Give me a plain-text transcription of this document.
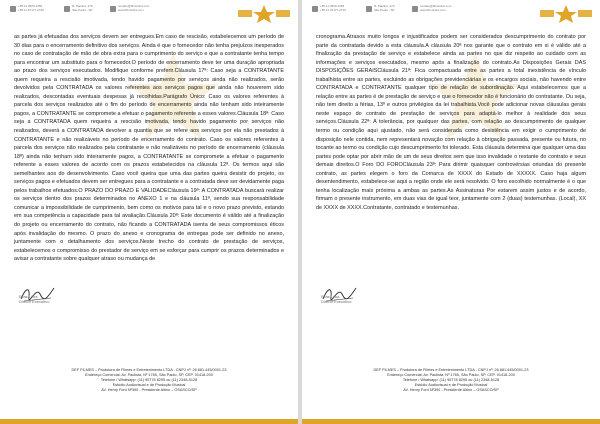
+55 11 3500-1256
+55 11 97177-2726
R. Paulina, 176
São Paulo - SP
contato@filmsintra.com
www.filmsintra.com
as partes já efetuadas dos serviços devem ser entregues.Em caso de rescisão, estabelecemos um período de 30 dias para o encerramento definitivo dos serviços. Ainda é que o fornecedor não tenha prejuízos inesperados no caso de contratação de mão de obra extra para o cumprimento do serviço e que a contratante tenha tempo para encontrar um substituto para o fornecedor.O período de encerramento deve ter uma duração apropriada ao prazo dos serviços executados. Modifique conforme preferir.Cláusula 17ª: Caso seja a CONTRATANTE quem requeira a rescisão imotivada, tendo havido pagamento por serviços ainda não realizados, serão devolvidos pela CONTRATADA os valores referentes aos serviços pagos que ainda não houverem sido realizados, descontadas eventuais despesas já recolhidas.Parágrafo Único: Caso os valores referentes à parcela dos serviços realizados até o fim do período de encerramento ainda não tenham sido inteiramente pagos, a CONTRATANTE se compromete a efetuar o pagamento referente a esses valores.Cláusula 18ª: Caso seja a CONTRATADA quem requeira a rescisão imotivada, tendo havido pagamento por serviços não realizados, deverá a CONTRATADA devolver a quantia que se refere aos serviços por ela não prestados à CONTRATANTE e não realizáveis no período de encerramento do contrato. Caso os valores referentes à parcela dos serviços não realizados pela contratante e não realizáveis no período de encerramento (cláusula 18ª) ainda não tenham sido inteiramente pagos, a CONTRATANTE se compromete a efetuar o pagamento referente a esses valores de acordo com os prazos estabelecidos na cláusula 12ª. Os termos aqui são semelhantes aos do desenvolvimento. Caso você queira que uma das partes queira desistir do projeto, os serviços pagos e efetuados devem ser entregues para a contratante e a contratada deve ser devidamente paga pelos trabalhos efetuados.O PRAZO DO PRAZO E VALIDADECláusula 19ª: A CONTRATADA buscará realizar os serviços dentro dos prazos determinados no ANEXO 1 e na cláusula 11ª, sendo sua responsabilidade comunicar a impossibilidade de cumprimento, bem como os motivos para tal e o novo prazo previsto, estando em sua competência a capacidade para tal avaliação.Cláusula 20ª: Este documento é válido até a finalização do projeto ou encerramento do contrato, não ficando a CONTRATADA isenta de seus compromissos éticos após invalidação do mesmo. O prazo do anexo e cronograma de entregas pode ser definido no anexo, juntamente com o detalhamento dos serviços.Neste trecho do contrato de prestação de serviços, estabelecemos o compromisso do prestador de serviço em se esforçar para cumprir os prazos determinados e avisar a contratante sobre qualquer atraso ou mudança de
Elias Lima
Diretor Executivo
DEF FILMES – Produtora de Filmes e Entretenimento LTDA - CNPJ nº: 26.681.445/0001-23
Endereço Comercial: Av. Paulista, Nº 1765, São Paulo, SP, CEP. 01418-200
Telefone / Whatsapp: (11) 95778 8295 ou (11) 2348-5128
Estúdio Audiovisual e de Produção Musical
AV. Henry Ford Nº390 - Presidente Altino – OSASCO/SP
+55 11 3500-1256
+55 11 97177-2726
R. Paulina, 176
São Paulo - SP
contato@filmsintra.com
www.filmsintra.com
cronograma.Atrasos muito longos e injustificados podem ser considerados descumprimento do contrato por parte da contratada devido a esta cláusula.A cláusula 20ª nos garante que o contrato em si é válido até a finalização da prestação de serviço e estabelece ainda as partes no que diz respeito ao cuidado com as informações e serviços executados, mesmo após a finalização do contrato.As Disposições Gerais DAS DISPOSIÇÕES GERAISCláusula 21ª: Fica compactuada entre as partes a total inexistência de vínculo trabalhista entre as partes, excluindo as obrigações previdenciárias e os encargos sociais, não havendo entre CONTRATADA e CONTRATANTE qualquer tipo de relação de subordinação. Aqui estabelecemos que a relação entre as partes é de prestação de serviço e que o fornecedor não é funcionário do contratante. Ou seja, não tem direito a férias, 13º e outros privilégios da lei trabalhista.Você pode adicionar novas cláusulas gerais neste espaço do contrato de prestação de serviços para adaptá-lo melhor à realidade dos seus serviços.Cláusula 22ª: A tolerância, por qualquer das partes, com relação ao descumprimento de qualquer termo ou condição aqui ajustado, não será considerada como desistência em exigir o cumprimento de disposição nele contida, nem representará novação com relação à obrigação passada, presente ou futura, no tocante ao termo ou condição cujo descumprimento foi tolerado. Esta cláusula determina que qualquer uma das partes pode optar por abrir mão de um de seus direitos sem que isso invalidade o restante do contrato e seus demais direitos.O Foro DO FOROCláusula 23ª: Para dirimir quaisquer controvérsias oriundas do presente contrato, as partes elegem o foro da Comarca de XXXX do Estado de XXXXX. Caso haja algum desentendimento, estabelece-se aqui a região onde ele será resolvido. O foro escolhido normalmente é o que tenha localização mais próxima a ambas as partes.As Assinaturas Por estarem assim justos e de acordo, firmam o presente instrumento, em duas vias de igual teor, juntamente com 2 (duas) testemunhas. (Local), XX de XXXX de XXXX.Contratante, contratado e testemunhas.
Elias Lima
Diretor Executivo
DEF FILMES – Produtora de Filmes e Entretenimento LTDA - CNPJ nº: 26.681.445/0001-23
Endereço Comercial: Av. Paulista, Nº 1765, São Paulo, SP, CEP. 01418-200
Telefone / Whatsapp: (11) 95778 8295 ou (11) 2348-5128
Estúdio Audiovisual e de Produção Musical
AV. Henry Ford Nº390 - Presidente Altino – OSASCO/SP
